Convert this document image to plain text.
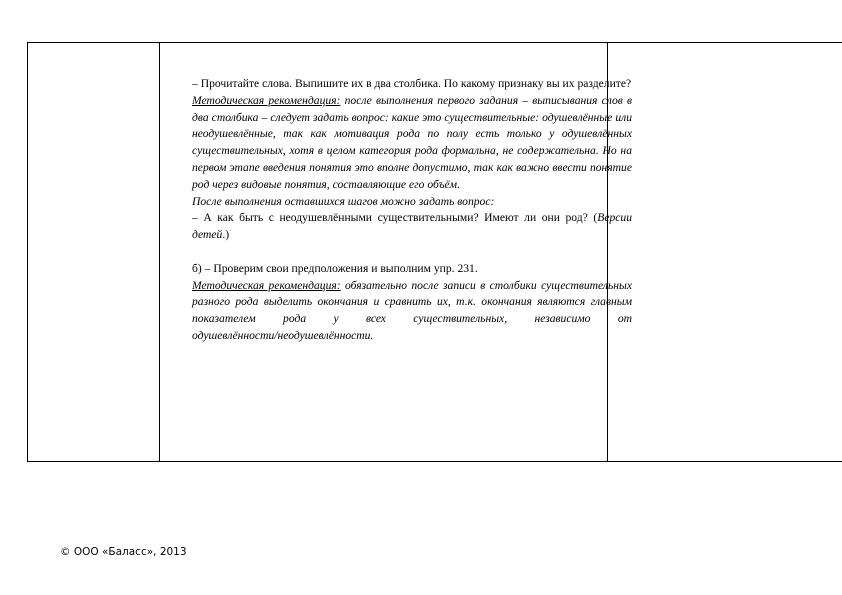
– Прочитайте слова. Выпишите их в два столбика. По какому признаку вы их разделите?

Методическая рекомендация: после выполнения первого задания – выписывания слов в два столбика – следует задать вопрос: какие это существительные: одушевлённые или неодушевлённые, так как мотивация рода по полу есть только у одушевлённых существительных, хотя в целом категория рода формальна, не содержательна. Но на первом этапе введения понятия это вполне допустимо, так как важно ввести понятие род через видовые понятия, составляющие его объём.

После выполнения оставшихся шагов можно задать вопрос:

– А как быть с неодушевлёнными существительными? Имеют ли они род? (Версии детей.)

б) – Проверим свои предположения и выполним упр. 231.

Методическая рекомендация: обязательно после записи в столбики существительных разного рода выделить окончания и сравнить их, т.к. окончания являются главным показателем рода у всех существительных, независимо от

одушевлённости/неодушевлённости.

© ООО «Баласс», 2013
